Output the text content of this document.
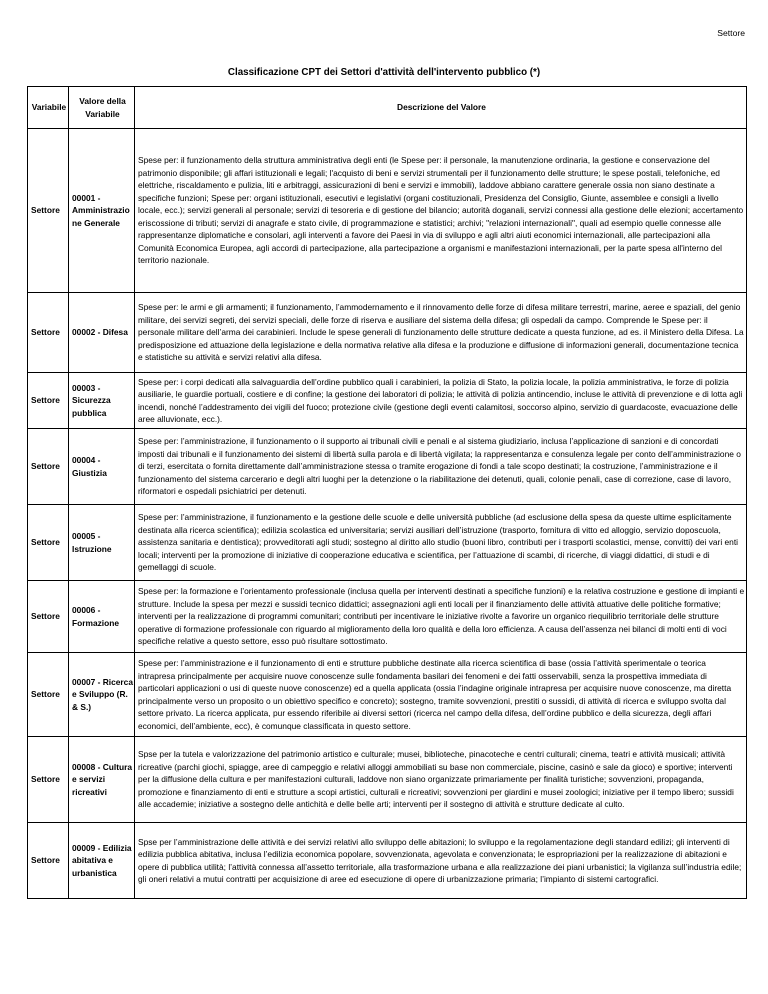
Settore
Classificazione CPT dei Settori d'attività dell'intervento pubblico (*)
Variabile	Valore della Variabile	Descrizione del Valore
Settore	00001 - Amministrazione Generale	Spese per: il funzionamento della struttura amministrativa degli enti (le Spese per: il personale, la manutenzione ordinaria, la gestione e conservazione del patrimonio disponibile; gli affari istituzionali e legali; l'acquisto di beni e servizi strumentali per il funzionamento delle strutture; le spese postali, telefoniche, ed elettriche, riscaldamento e pulizia, liti e arbitraggi, assicurazioni di beni e servizi e immobili), laddove abbiano carattere generale ossia non siano destinate a specifiche funzioni; Spese per: organi istituzionali, esecutivi e legislativi (organi costituzionali, Presidenza del Consiglio, Giunte, assemblee e consigli a livello locale, ecc.); servizi generali al personale; servizi di tesoreria e di gestione del bilancio; autorità doganali, servizi connessi alla gestione delle elezioni; accertamento eriscossione di tributi; servizi di anagrafe e stato civile, di programmazione e statistici; archivi; "relazioni internazionali", quali ad esempio quelle connesse alle rappresentanze diplomatiche e consolari, agli interventi a favore dei Paesi in via di sviluppo e agli altri aiuti economici internazionali, alle partecipazioni alla Comunità Economica Europea, agli accordi di partecipazione, alla partecipazione a organismi e manifestazioni internazionali, per la parte spesa all'interno del territorio nazionale.
Settore	00002 - Difesa	Spese per: le armi e gli armamenti; il funzionamento, l’ammodernamento e il rinnovamento delle forze di difesa militare terrestri, marine, aeree e spaziali, del genio militare, dei servizi segreti, dei servizi speciali, delle forze di riserva e ausiliare del sistema della difesa; gli ospedali da campo. Comprende le Spese per: il personale militare dell’arma dei carabinieri. Include le spese generali di funzionamento delle strutture dedicate a questa funzione, ad es. il Ministero della Difesa. La predisposizione ed attuazione della legislazione e della normativa relative alla difesa e la produzione e diffusione di informazioni generali, documentazione tecnica e statistiche su attività e servizi relativi alla difesa.
Settore	00003 - Sicurezza pubblica	Spese per: i corpi dedicati alla salvaguardia dell’ordine pubblico quali i carabinieri, la polizia di Stato, la polizia locale, la polizia amministrativa, le forze di polizia ausiliarie, le guardie portuali, costiere e di confine; la gestione dei laboratori di polizia; le attività di polizia antincendio, incluse le attività di prevenzione e di lotta agli incendi, nonché l’addestramento dei vigili del fuoco; protezione civile (gestione degli eventi calamitosi, soccorso alpino, servizio di guardacoste, evacuazione delle aree alluvionate, ecc.).
Settore	00004 - Giustizia	Spese per: l’amministrazione, il funzionamento o il supporto ai tribunali civili e penali e al sistema giudiziario, inclusa l’applicazione di sanzioni e di concordati imposti dai tribunali e il funzionamento dei sistemi di libertà sulla parola e di libertà vigilata; la rappresentanza e consulenza legale per conto dell’amministrazione o di terzi, esercitata o fornita direttamente dall’amministrazione stessa o tramite erogazione di fondi a tale scopo destinati; la costruzione, l’amministrazione e il funzionamento del sistema carcerario e degli altri luoghi per la detenzione o la riabilitazione dei detenuti, quali, colonie penali, case di correzione, case di lavoro, riformatori e ospedali psichiatrici per detenuti.
Settore	00005 - Istruzione	Spese per: l’amministrazione, il funzionamento e la gestione delle scuole e delle università pubbliche (ad esclusione della spesa da queste ultime esplicitamente destinata alla ricerca scientifica); edilizia scolastica ed universitaria; servizi ausiliari dell’istruzione (trasporto, fornitura di vitto ed alloggio, servizio doposcuola, assistenza sanitaria e dentistica); provveditorati agli studi; sostegno al diritto allo studio (buoni libro, contributi per i trasporti scolastici, mense, convitti) dei vari enti locali; interventi per la promozione di iniziative di cooperazione educativa e scientifica, per l’attuazione di scambi, di ricerche, di viaggi didattici, di studi e di gemellaggi di scuole.
Settore	00006 - Formazione	Spese per: la formazione e l’orientamento professionale (inclusa quella per interventi destinati a specifiche funzioni) e la relativa costruzione e gestione di impianti e strutture. Include la spesa per mezzi e sussidi tecnico didattici; assegnazioni agli enti locali per il finanziamento delle attività attuative delle politiche formative; interventi per la realizzazione di programmi comunitari; contributi per incentivare le iniziative rivolte a favorire un organico riequilibrio territoriale delle strutture operative di formazione professionale con riguardo al miglioramento della loro qualità e della loro efficienza. A causa dell’assenza nei bilanci di molti enti di voci specifiche relative a questo settore, esso può risultare sottostimato.
Settore	00007 - Ricerca e Sviluppo (R. & S.)	Spese per: l’amministrazione e il funzionamento di enti e strutture pubbliche destinate alla ricerca scientifica di base (ossia l’attività sperimentale o teorica intrapresa principalmente per acquisire nuove conoscenze sulle fondamenta basilari dei fenomeni e dei fatti osservabili, senza la prospettiva immediata di particolari applicazioni o usi di queste nuove conoscenze) ed a quella applicata (ossia l’indagine originale intrapresa per acquisire nuove conoscenze, ma diretta principalmente verso un proposito o un obiettivo specifico e concreto); sostegno, tramite sovvenzioni, prestiti o sussidi, di attività di ricerca e sviluppo svolta dal settore privato. La ricerca applicata, pur essendo riferibile ai diversi settori (ricerca nel campo della difesa, dell’ordine pubblico e della sicurezza, degli affari economici, dell’ambiente, ecc), è comunque classificata in questo settore.
Settore	00008 - Cultura e servizi ricreativi	Spse per la tutela e valorizzazione del patrimonio artistico e culturale; musei, biblioteche, pinacoteche e centri culturali; cinema, teatri e attività musicali; attività ricreative (parchi giochi, spiagge, aree di campeggio e relativi alloggi ammobiliati su base non commerciale, piscine, casinò e sale da gioco) e sportive; interventi per la diffusione della cultura e per manifestazioni culturali, laddove non siano organizzate primariamente per finalità turistiche; sovvenzioni, propaganda, promozione e finanziamento di enti e strutture a scopi artistici, culturali e ricreativi; sovvenzioni per giardini e musei zoologici; iniziative per il tempo libero; sussidi alle accademie; iniziative a sostegno delle antichità e delle belle arti; interventi per il sostegno di attività e strutture dedicate al culto.
Settore	00009 - Edilizia abitativa e urbanistica	Spse per l’amministrazione delle attività e dei servizi relativi allo sviluppo delle abitazioni; lo sviluppo e la regolamentazione degli standard edilizi; gli interventi di edilizia pubblica abitativa, inclusa l’edilizia economica popolare, sovvenzionata, agevolata e convenzionata; le espropriazioni per la realizzazione di abitazioni e opere di pubblica utilità; l’attività connessa all’assetto territoriale, alla trasformazione urbana e alla realizzazione dei piani urbanistici; la vigilanza sull’industria edile; gli oneri relativi a mutui contratti per acquisizione di aree ed esecuzione di opere di urbanizzazione primaria; l’impianto di sistemi cartografici.
